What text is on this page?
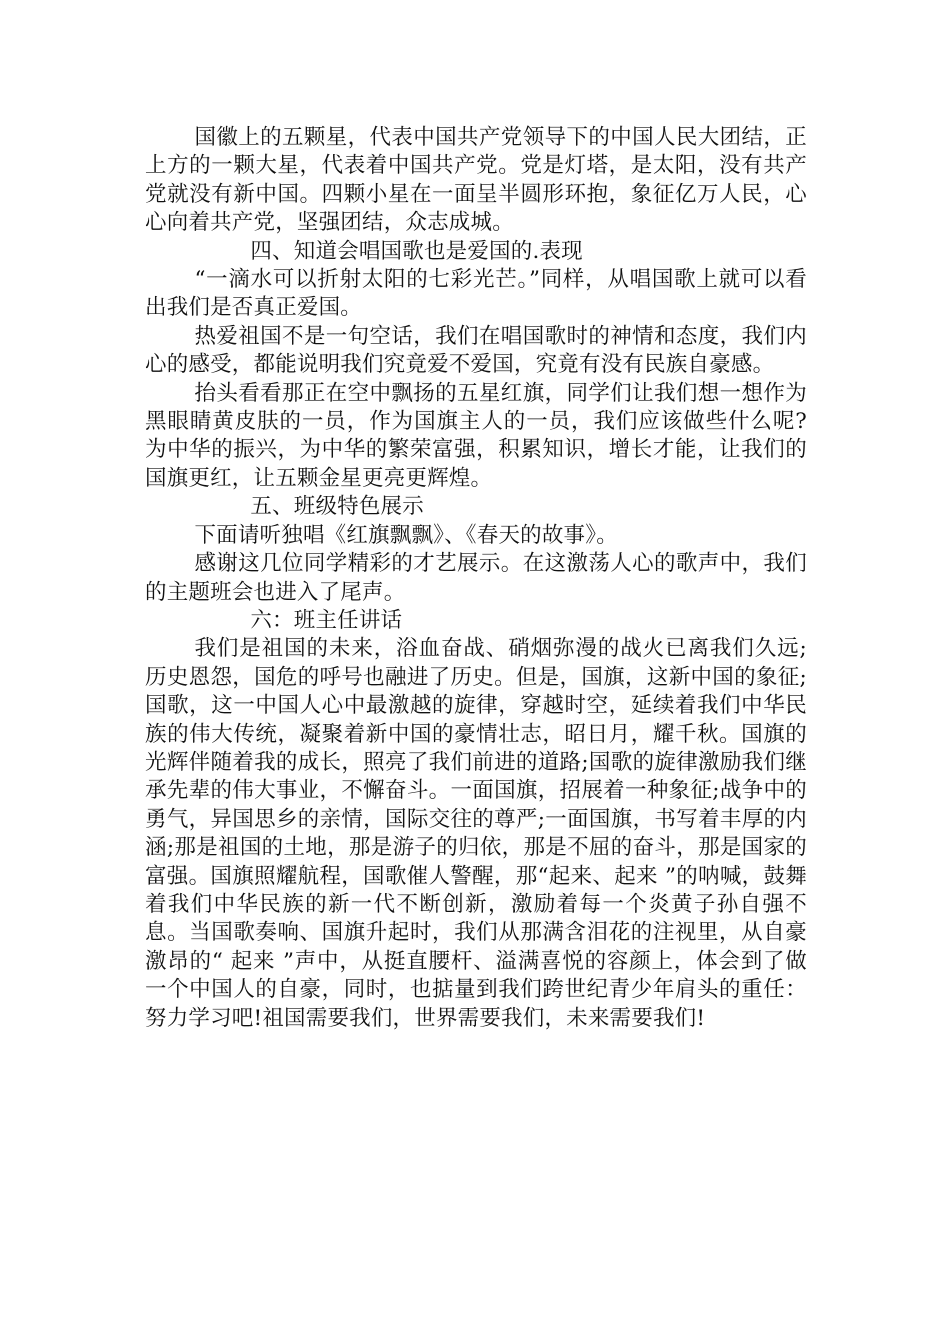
国徽上的五颗星，代表中国共产党领导下的中国人民大团结，正上方的一颗大星，代表着中国共产党。党是灯塔，是太阳，没有共产党就没有新中国。四颗小星在一面呈半圆形环抱，象征亿万人民，心心向着共产党，坚强团结，众志成城。

四、知道会唱国歌也是爱国的.表现

“一滴水可以折射太阳的七彩光芒。”同样，从唱国歌上就可以看出我们是否真正爱国。

热爱祖国不是一句空话，我们在唱国歌时的神情和态度，我们内心的感受，都能说明我们究竟爱不爱国，究竟有没有民族自豪感。

抬头看看那正在空中飘扬的五星红旗，同学们让我们想一想作为黑眼睛黄皮肤的一员，作为国旗主人的一员，我们应该做些什么呢?为中华的振兴，为中华的繁荣富强，积累知识，增长才能，让我们的国旗更红，让五颗金星更亮更辉煌。

五、班级特色展示

下面请听独唱《红旗飘飘》、《春天的故事》。

感谢这几位同学精彩的才艺展示。在这激荡人心的歌声中，我们的主题班会也进入了尾声。

六：班主任讲话

我们是祖国的未来，浴血奋战、硝烟弥漫的战火已离我们久远;历史恩怨，国危的呼号也融进了历史。但是，国旗，这新中国的象征;国歌，这一中国人心中最激越的旋律，穿越时空，延续着我们中华民族的伟大传统，凝聚着新中国的豪情壮志，昭日月，耀千秋。国旗的光辉伴随着我的成长，照亮了我们前进的道路;国歌的旋律激励我们继承先辈的伟大事业，不懈奋斗。一面国旗，招展着一种象征;战争中的勇气，异国思乡的亲情，国际交往的尊严;一面国旗，书写着丰厚的内涵;那是祖国的土地，那是游子的归依，那是不屈的奋斗，那是国家的富强。国旗照耀航程，国歌催人警醒，那“起来、起来 ”的呐喊，鼓舞着我们中华民族的新一代不断创新，激励着每一个炎黄子孙自强不息。当国歌奏响、国旗升起时，我们从那满含泪花的注视里，从自豪激昂的“ 起来 ”声中，从挺直腰杆、溢满喜悦的容颜上，体会到了做一个中国人的自豪，同时，也掂量到我们跨世纪青少年肩头的重任：努力学习吧!祖国需要我们，世界需要我们，未来需要我们!
